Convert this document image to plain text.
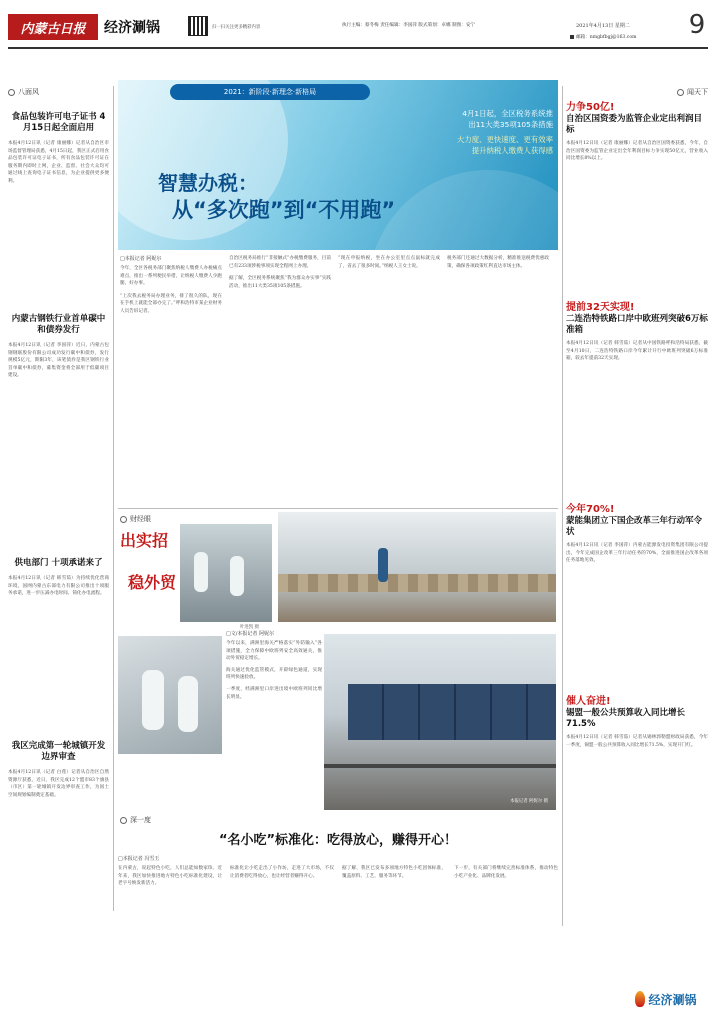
内蒙古日报 经济涮锅	扫一扫关注更多精彩内容	执行主编：蔡冬梅 责任编辑：李国萍 版式策划：卓娜 制图：安宁	2021年4月13日 星期二
邮箱：nmgbfbgj@163.com 9
八面风
食品包装许可电子证书 4月15日起全面启用
本报4月12日讯（记者 康丽娜）记者从自治区市场监督管理局获悉，4月15日起，我区正式启用食品包装许可证电子证书，所有食品包装许可证在服务期内即时上网，企业、监督、社会大众均可通过线上查询电子证书信息，为企业提供更多便利。
内蒙古钢铁行业首单碳中和债券发行
本报4月12日讯（记者 李国萍）近日，内蒙古包钢钢联股份有限公司成功发行碳中和债券，发行规模5亿元，期限3年，该笔债券是我区钢铁行业首单碳中和债券，募集资金将全部用于低碳项目建设。
供电部门 十项承诺来了
本报4月12日讯（记者 韩雪茹）为持续优化营商环境，国网内蒙古东部电力有限公司推出十项服务承诺，进一步压减办电时间、简化办电流程。
我区完成第一轮城镇开发边界审查
本报4月12日讯（记者 白莲）记者从自治区自然资源厅获悉，近日，我区完成12个盟市83个旗县（市区）第一轮城镇开发边界审查工作，为国土空间规划编制奠定基础。
2021：新阶段·新理念·新格局
4月1日起，全区税务系统推
出11大类35项105条措施
大力度、更快速度、更有效率
提升纳税人缴费人获得感
智慧办税：
从“多次跑”到“不用跑”
□本报记者 阿妮尔
今年，全区各税务部门聚焦纳税人缴费人办税痛点难点，推出一系列便民举措，让纳税人缴费人少跑腿、好办事。
“上次我去税务局办理业务，排了很久的队，现在在手机上就能全部办完了。”呼和浩特市某企业财务人员告诉记者。
自治区税务局推行“非接触式”办税缴费服务，目前已有233项涉税事项实现全程网上办理。
据了解，全区税务系统聚焦“我为群众办实事”实践活动，推出11大类35项105条措施。
“现在申报纳税，坐在办公室里点点鼠标就完成了，省去了很多时间。”纳税人王女士说。
税务部门还通过大数据分析，精准推送税费优惠政策，确保各项政策红利直达市场主体。
财经眼
叶进凯 摄
出实招
稳外贸
□文/本报记者 阿妮尔
今年以来，满洲里海关严格落实“外防输入”各项措施，全力保障中欧班列安全高效通关，推动外贸稳定增长。
海关通过优化监管模式，开辟绿色通道，实现班列快速验放。
一季度，经满洲里口岸进出境中欧班列同比增长明显。
本报记者 阿妮尔 摄
深一度
“名小吃”标准化：吃得放心，赚得开心！
□本报记者 冯雪玉
在内蒙古，说起特色小吃，人们总能如数家珍。近年来，我区加快推进地方特色小吃标准化建设，让老字号焕发新活力。
标准化让小吃走出了小作坊，走进了大市场，不仅让消费者吃得放心，也让经营者赚得开心。
据了解，我区已发布多项地方特色小吃团体标准，覆盖原料、工艺、服务等环节。
下一步，有关部门将继续完善标准体系，推动特色小吃产业化、品牌化发展。
闻天下
力争50亿!
自治区国资委为监管企业定出利润目标
本报4月12日讯（记者 康丽娜）记者从自治区国资委获悉，今年，自治区国资委为监管企业定出全年利润目标力争实现50亿元，营业收入同比增长8%以上。
提前32天实现!
二连浩特铁路口岸中欧班列突破6万标准箱
本报4月12日讯（记者 韩雪茹）记者从中国铁路呼和浩特局获悉，截至4月10日，二连浩特铁路口岸今年累计开行中欧班列突破6万标准箱，较去年提前32天实现。
今年70%!
蒙能集团立下国企改革三年行动军令状
本报4月12日讯（记者 李国萍）内蒙古能源发电投资集团有限公司提出，今年完成国企改革三年行动任务的70%，全面推进国企改革各项任务落地见效。
催人奋进!
锡盟一般公共预算收入同比增长71.5%
本报4月12日讯（记者 韩雪茹）记者从锡林郭勒盟财政局获悉，今年一季度，锡盟一般公共预算收入同比增长71.5%，实现开门红。
经济涮锅
